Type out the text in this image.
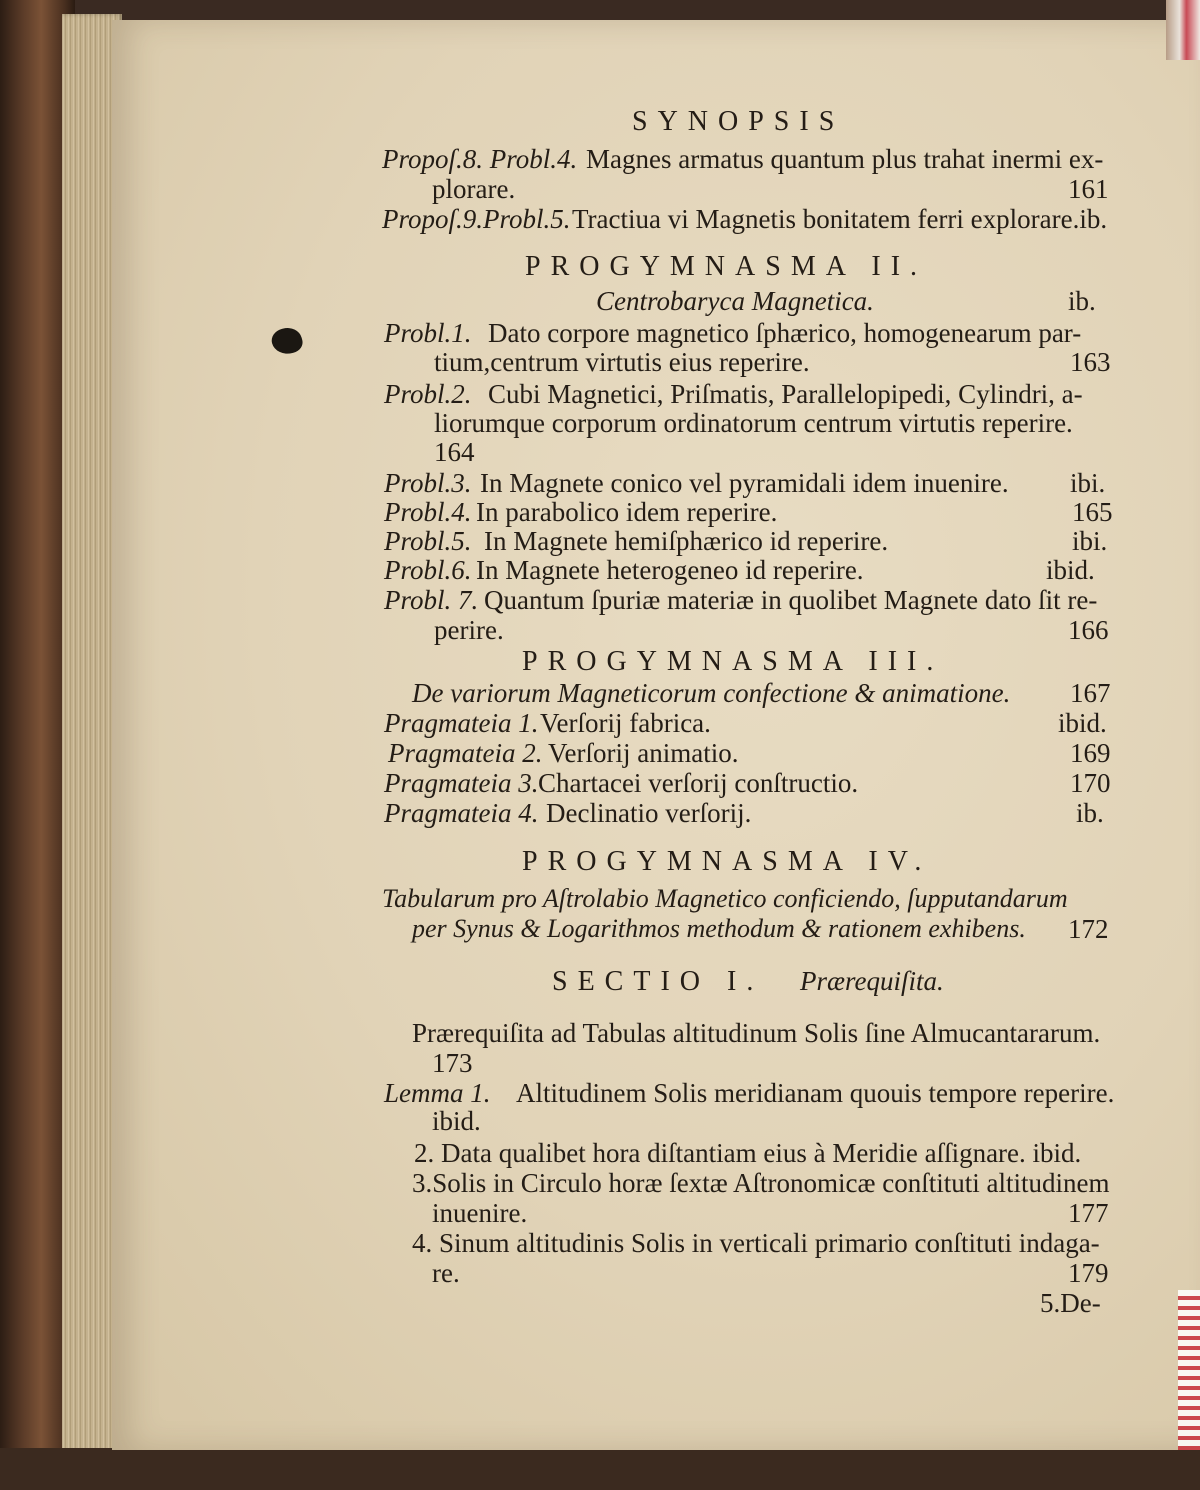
SYNOPSIS
Propoſ.8. Probl.4. Magnes armatus quantum plus trahat inermi ex-
plorare.	161
Propoſ.9.Probl.5. Tractiua vi Magnetis bonitatem ferri explorare.ib.
PROGYMNASMA II.
Centrobaryca Magnetica.	ib.
Probl.1. Dato corpore magnetico ſphærico, homogenearum par-
tium,centrum virtutis eius reperire.	163
Probl.2. Cubi Magnetici, Priſmatis, Parallelopipedi, Cylindri, a-
liorumque corporum ordinatorum centrum virtutis reperire.
164
Probl.3. In Magnete conico vel pyramidali idem inuenire. ibi.
Probl.4. In parabolico idem reperire.	165
Probl.5. In Magnete hemiſphærico id reperire.	ibi.
Probl.6. In Magnete heterogeneo id reperire.	ibid.
Probl. 7. Quantum ſpuriæ materiæ in quolibet Magnete dato ſit re-
perire.	166
PROGYMNASMA III.
De variorum Magneticorum confectione & animatione. 167
Pragmateia 1. Verſorij fabrica.	ibid.
Pragmateia 2. Verſorij animatio.	169
Pragmateia 3. Chartacei verſorij conſtructio.	170
Pragmateia 4. Declinatio verſorij.	ib.
PROGYMNASMA IV.
Tabularum pro Aſtrolabio Magnetico conficiendo, ſupputandarum
per Synus & Logarithmos methodum & rationem exhibens. 172
SECTIO I. Prærequiſita.
Prærequiſita ad Tabulas altitudinum Solis ſine Almucantararum.
173
Lemma 1. Altitudinem Solis meridianam quouis tempore reperire.
ibid.
2. Data qualibet hora diſtantiam eius à Meridie aſſignare. ibid.
3.Solis in Circulo horæ ſextæ Aſtronomicæ conſtituti altitudinem
inuenire.	177
4. Sinum altitudinis Solis in verticali primario conſtituti indaga-
re.	179
5.De-
